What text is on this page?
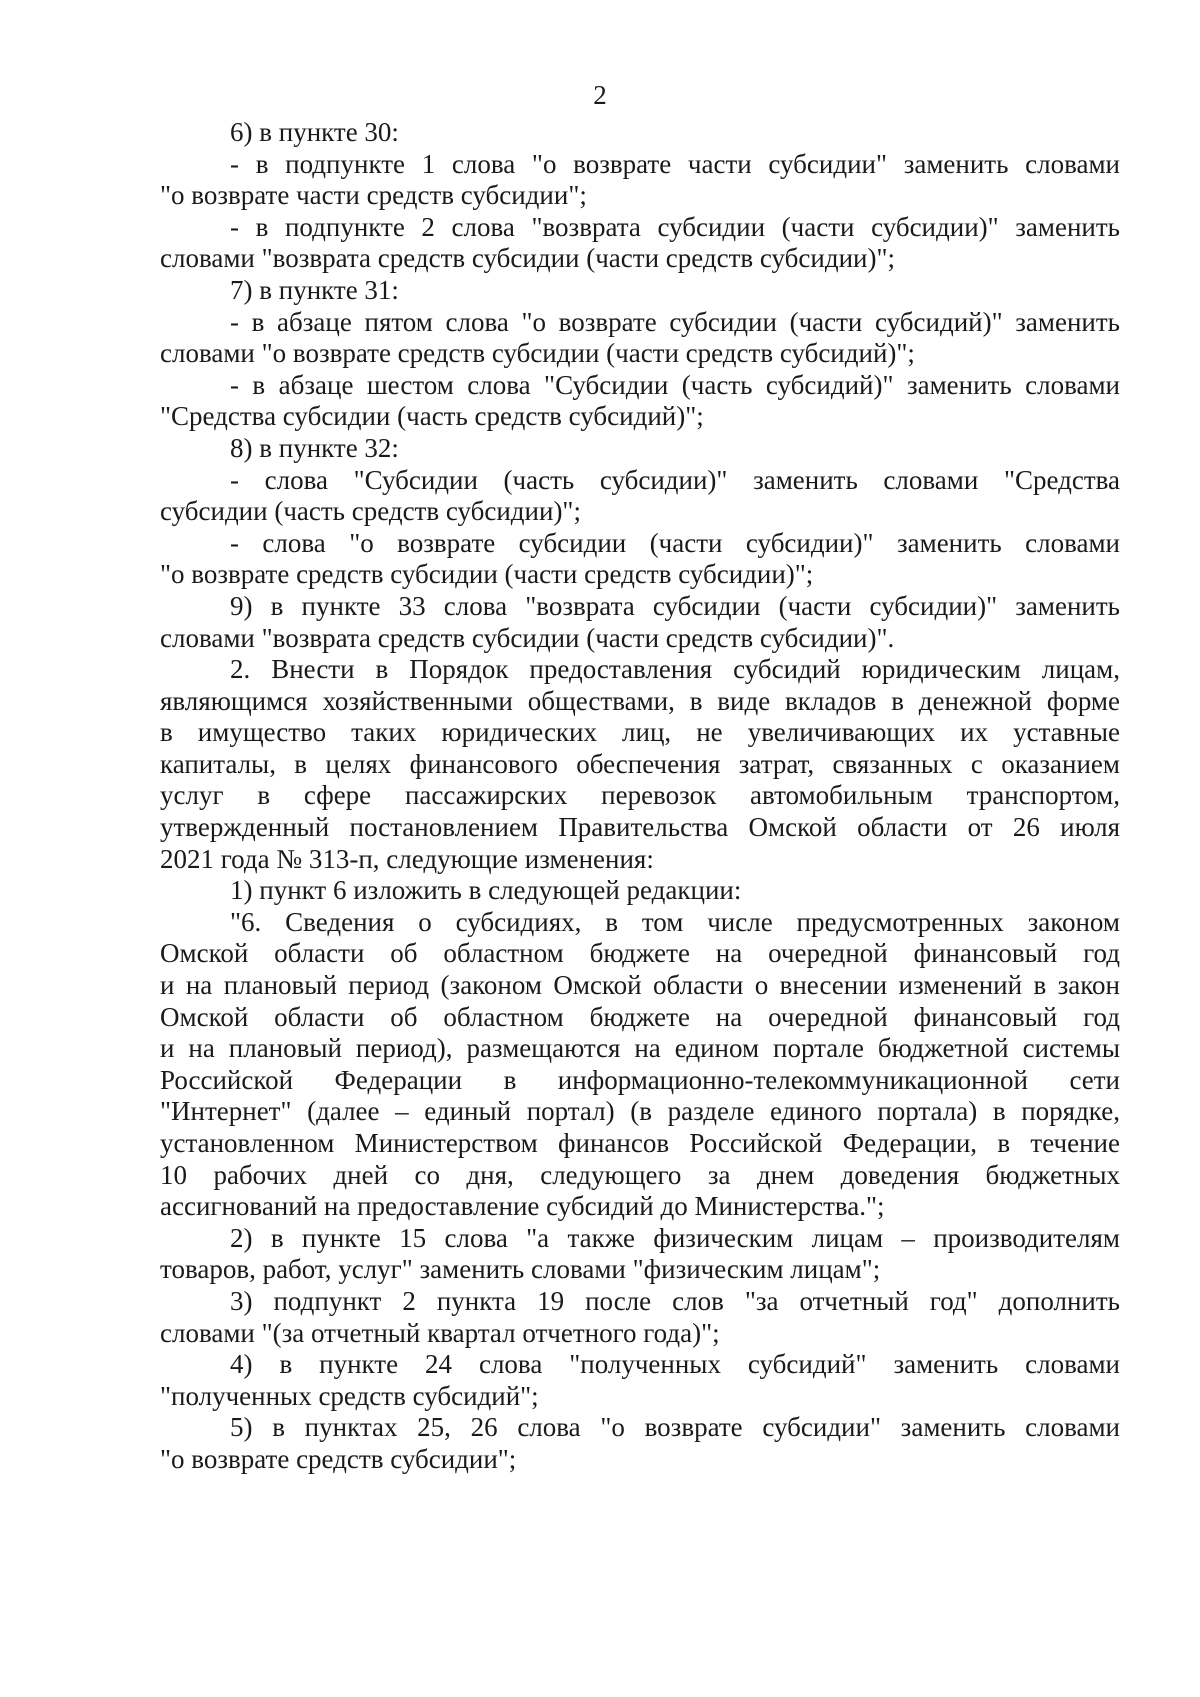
2
6) в пункте 30:
- в подпункте 1 слова "о возврате части субсидии" заменить словами
"о возврате части средств субсидии";
- в подпункте 2 слова "возврата субсидии (части субсидии)" заменить
словами "возврата средств субсидии (части средств субсидии)";
7) в пункте 31:
- в абзаце пятом слова "о возврате субсидии (части субсидий)" заменить
словами "о возврате средств субсидии (части средств субсидий)";
- в абзаце шестом слова "Субсидии (часть субсидий)" заменить словами
"Средства субсидии (часть средств субсидий)";
8) в пункте 32:
- слова "Субсидии (часть субсидии)" заменить словами "Средства
субсидии (часть средств субсидии)";
- слова "о возврате субсидии (части субсидии)" заменить словами
"о возврате средств субсидии (части средств субсидии)";
9) в пункте 33 слова "возврата субсидии (части субсидии)" заменить
словами "возврата средств субсидии (части средств субсидии)".
2. Внести в Порядок предоставления субсидий юридическим лицам,
являющимся хозяйственными обществами, в виде вкладов в денежной форме
в имущество таких юридических лиц, не увеличивающих их уставные
капиталы, в целях финансового обеспечения затрат, связанных с оказанием
услуг в сфере пассажирских перевозок автомобильным транспортом,
утвержденный постановлением Правительства Омской области от 26 июля
2021 года № 313-п, следующие изменения:
1) пункт 6 изложить в следующей редакции:
"6. Сведения о субсидиях, в том числе предусмотренных законом
Омской области об областном бюджете на очередной финансовый год
и на плановый период (законом Омской области о внесении изменений в закон
Омской области об областном бюджете на очередной финансовый год
и на плановый период), размещаются на едином портале бюджетной системы
Российской Федерации в информационно-телекоммуникационной сети
"Интернет" (далее – единый портал) (в разделе единого портала) в порядке,
установленном Министерством финансов Российской Федерации, в течение
10 рабочих дней со дня, следующего за днем доведения бюджетных
ассигнований на предоставление субсидий до Министерства.";
2) в пункте 15 слова "а также физическим лицам – производителям
товаров, работ, услуг" заменить словами "физическим лицам";
3) подпункт 2 пункта 19 после слов "за отчетный год" дополнить
словами "(за отчетный квартал отчетного года)";
4) в пункте 24 слова "полученных субсидий" заменить словами
"полученных средств субсидий";
5) в пунктах 25, 26 слова "о возврате субсидии" заменить словами
"о возврате средств субсидии";
